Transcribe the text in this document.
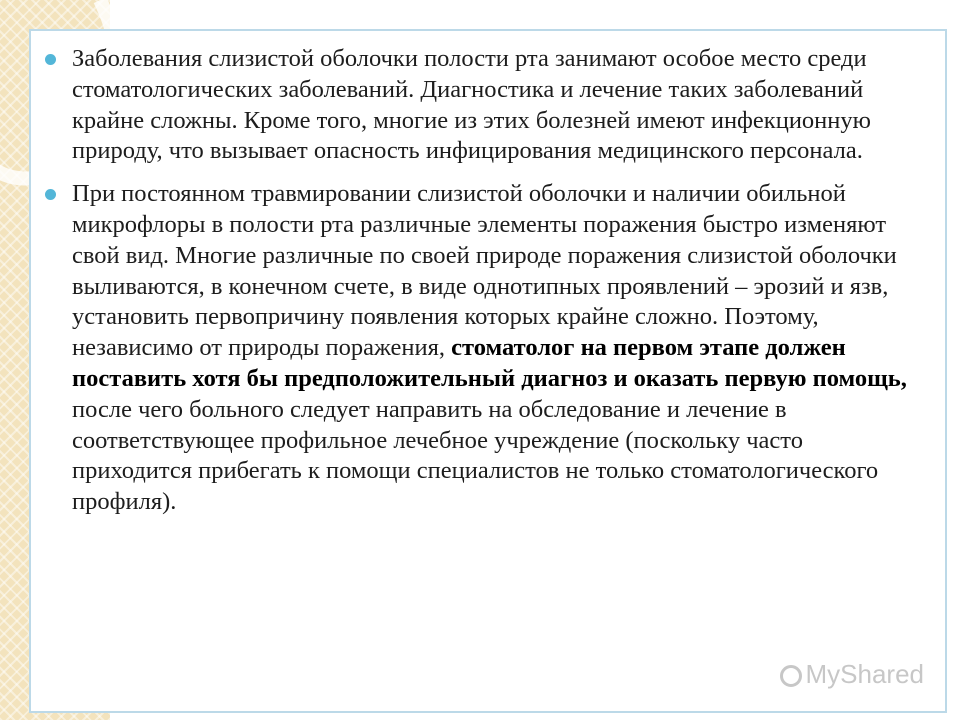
Заболевания слизистой оболочки полости рта занимают особое место среди стоматологических заболеваний. Диагностика и лечение таких заболеваний крайне сложны. Кроме того, многие из этих болезней имеют инфекционную природу, что вызывает опасность инфицирования медицинского персонала.
При постоянном травмировании слизистой оболочки и наличии обильной микрофлоры в полости рта различные элементы поражения быстро изменяют свой вид. Многие различные по своей природе поражения слизистой оболочки выливаются, в конечном счете, в виде однотипных проявлений – эрозий и язв, установить первопричину появления которых крайне сложно. Поэтому, независимо от природы поражения, стоматолог на первом этапе должен поставить хотя бы предположительный диагноз и оказать первую помощь, после чего больного следует направить на обследование и лечение в соответствующее профильное лечебное учреждение (поскольку часто приходится прибегать к помощи специалистов не только стоматологического профиля).
MyShared
